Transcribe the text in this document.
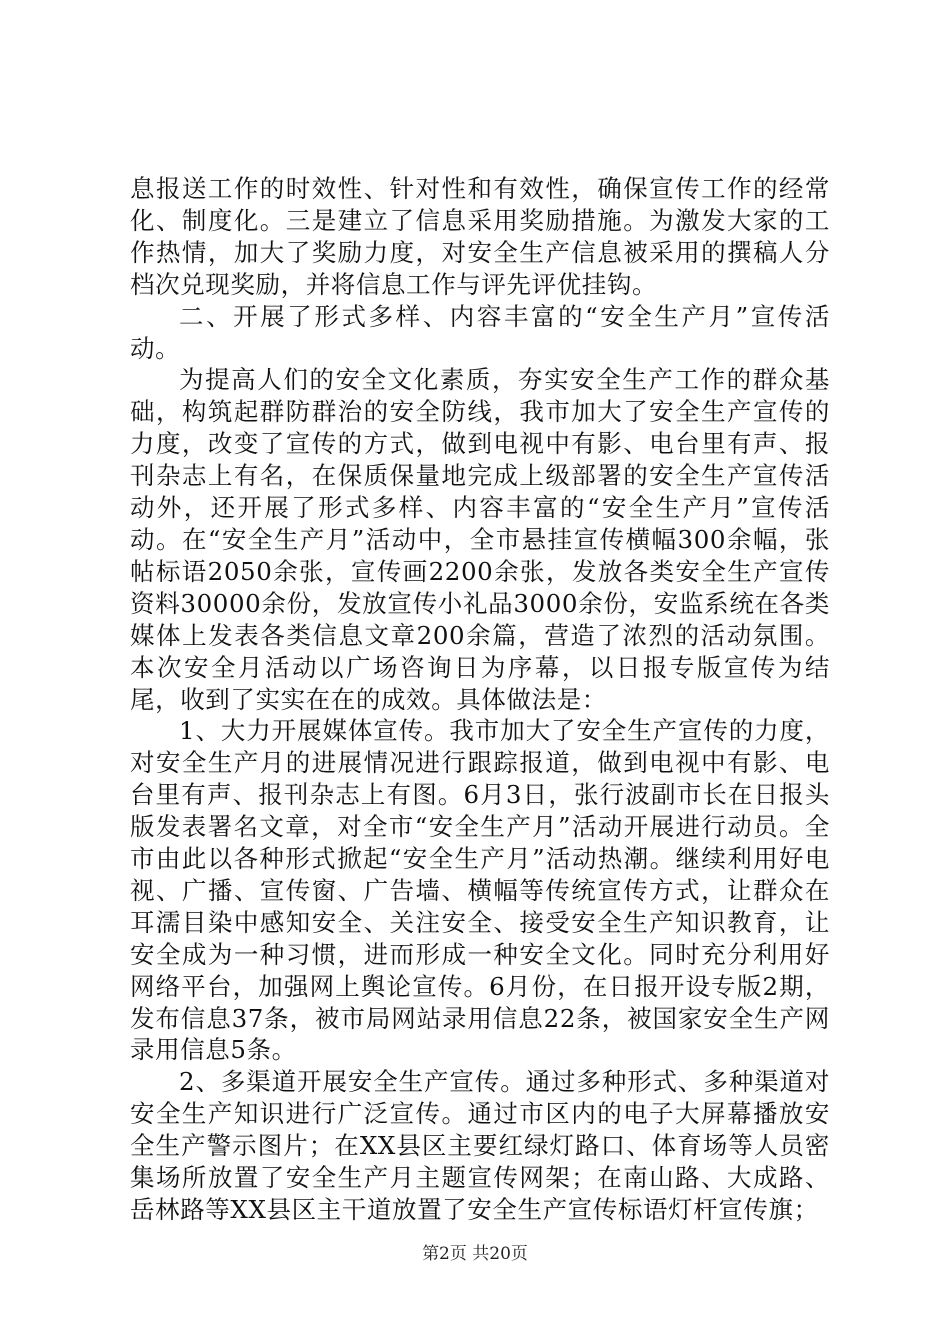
息报送工作的时效性、针对性和有效性，确保宣传工作的经常化、制度化。三是建立了信息采用奖励措施。为激发大家的工作热情，加大了奖励力度，对安全生产信息被采用的撰稿人分档次兑现奖励，并将信息工作与评先评优挂钩。

二、开展了形式多样、内容丰富的“安全生产月”宣传活动。

为提高人们的安全文化素质，夯实安全生产工作的群众基础，构筑起群防群治的安全防线，我市加大了安全生产宣传的力度，改变了宣传的方式，做到电视中有影、电台里有声、报刊杂志上有名，在保质保量地完成上级部署的安全生产宣传活动外，还开展了形式多样、内容丰富的“安全生产月”宣传活动。在“安全生产月”活动中，全市悬挂宣传横幅300余幅，张帖标语2050余张，宣传画2200余张，发放各类安全生产宣传资料30000余份，发放宣传小礼品3000余份，安监系统在各类媒体上发表各类信息文章200余篇，营造了浓烈的活动氛围。本次安全月活动以广场咨询日为序幕，以日报专版宣传为结尾，收到了实实在在的成效。具体做法是：

1、大力开展媒体宣传。我市加大了安全生产宣传的力度，对安全生产月的进展情况进行跟踪报道，做到电视中有影、电台里有声、报刊杂志上有图。6月3日，张行波副市长在日报头版发表署名文章，对全市“安全生产月”活动开展进行动员。全市由此以各种形式掀起“安全生产月”活动热潮。继续利用好电视、广播、宣传窗、广告墙、横幅等传统宣传方式，让群众在耳濡目染中感知安全、关注安全、接受安全生产知识教育，让安全成为一种习惯，进而形成一种安全文化。同时充分利用好网络平台，加强网上舆论宣传。6月份，在日报开设专版2期，发布信息37条，被市局网站录用信息22条，被国家安全生产网录用信息5条。

2、多渠道开展安全生产宣传。通过多种形式、多种渠道对安全生产知识进行广泛宣传。通过市区内的电子大屏幕播放安全生产警示图片；在XX县区主要红绿灯路口、体育场等人员密集场所放置了安全生产月主题宣传网架；在南山路、大成路、岳林路等XX县区主干道放置了安全生产宣传标语灯杆宣传旗；

第2页 共20页
